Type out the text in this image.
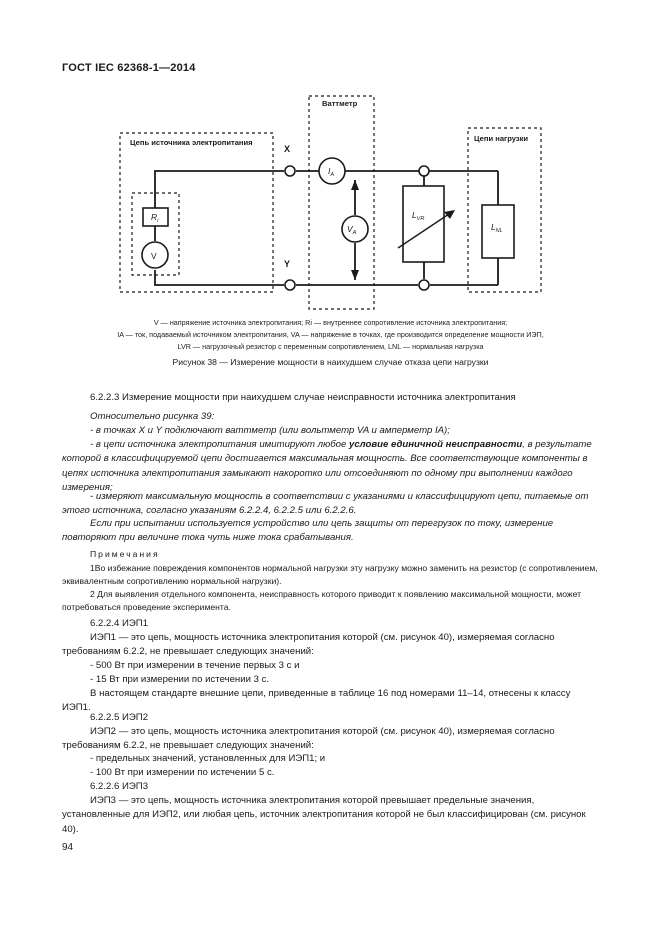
ГОСТ IEC 62368-1—2014
Ваттметр
Цепь источника электропитания	Цепи нагрузки
X
Y
$R_i$
V
$I_A$
$V_A$
$L_{VR}$
$L_{NL}$
V — напряжение источника электропитания; Ri — внутреннее сопротивление источника электропитания;
IA — ток, подаваемый источником электропитания, VA — напряжение в точках, где производится определение мощности ИЭП,
LVR — нагрузочный резистор с переменным сопротивлением, LNL — нормальная нагрузка
Рисунок 38 — Измерение мощности в наихудшем случае отказа цепи нагрузки
6.2.2.3 Измерение мощности при наихудшем случае неисправности источника электропитания
Относительно рисунка 39:
- в точках X и Y подключают ваттметр (или вольтметр VA и амперметр IA);
- в цепи источника электропитания имитируют любое условие единичной неисправности, в результате которой в классифицируемой цепи достигается максимальная мощность. Все соответствующие компоненты в цепях источника электропитания замыкают накоротко или отсоединяют по одному при выполнении каждого измерения;
- измеряют максимальную мощность в соответствии с указаниями и классифицируют цепи, питаемые от этого источника, согласно указаниям 6.2.2.4, 6.2.2.5 или 6.2.2.6.
Если при испытании используется устройство или цепь защиты от перегрузок по току, измерение повторяют при величине тока чуть ниже тока срабатывания.
Примечания
1Во избежание повреждения компонентов нормальной нагрузки эту нагрузку можно заменить на резистор (с сопротивлением, эквивалентным сопротивлению нормальной нагрузки).
2 Для выявления отдельного компонента, неисправность которого приводит к появлению максимальной мощности, может потребоваться проведение эксперимента.
6.2.2.4 ИЭП1
ИЭП1 — это цепь, мощность источника электропитания которой (см. рисунок 40), измеряемая согласно требованиям 6.2.2, не превышает следующих значений:
- 500 Вт при измерении в течение первых 3 с и
- 15 Вт при измерении по истечении 3 с.
В настоящем стандарте внешние цепи, приведенные в таблице 16 под номерами 11–14, отнесены к классу ИЭП1.
6.2.2.5 ИЭП2
ИЭП2 — это цепь, мощность источника электропитания которой (см. рисунок 40), измеряемая согласно требованиям 6.2.2, не превышает следующих значений:
- предельных значений, установленных для ИЭП1; и
- 100 Вт при измерении по истечении 5 с.
6.2.2.6 ИЭП3
ИЭП3 — это цепь, мощность источника электропитания которой превышает предельные значения, установленные для ИЭП2, или любая цепь, источник электропитания которой не был классифицирован (см. рисунок 40).
94
